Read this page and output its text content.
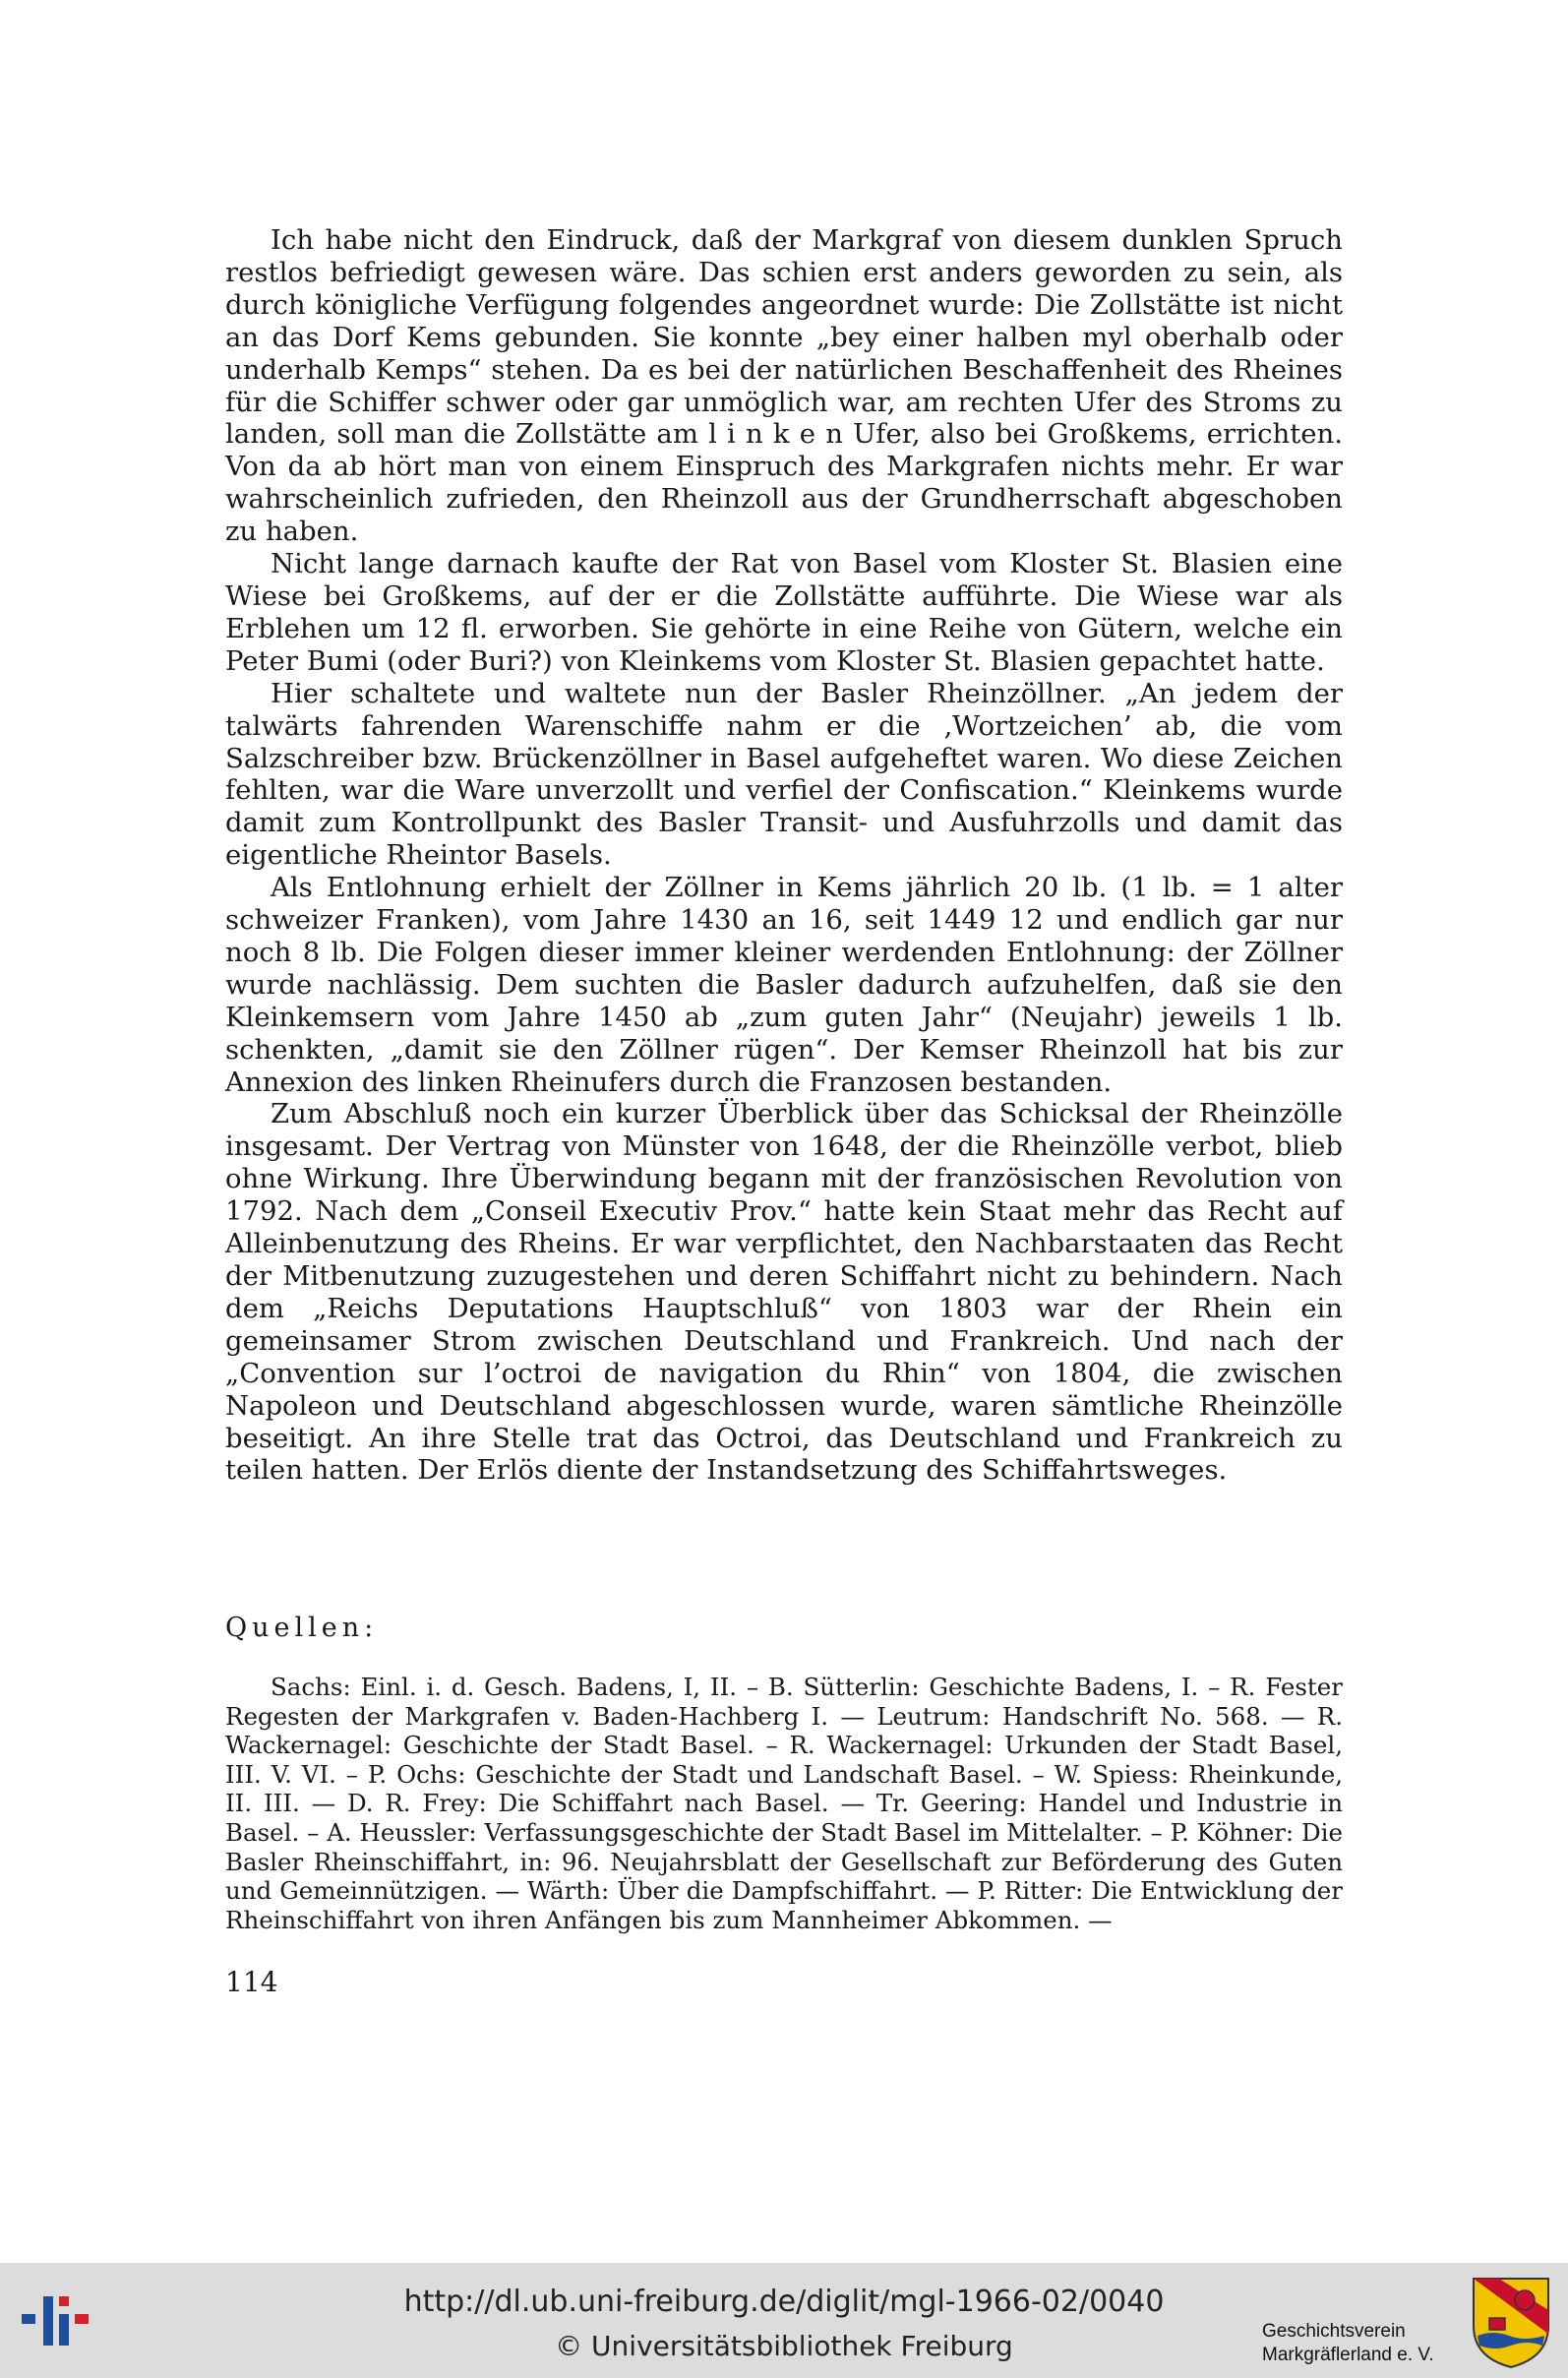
Ich habe nicht den Eindruck, daß der Markgraf von diesem dunklen Spruch restlos befriedigt gewesen wäre. Das schien erst anders geworden zu sein, als durch königliche Verfügung folgendes angeordnet wurde: Die Zollstätte ist nicht an das Dorf Kems gebunden. Sie konnte „bey einer halben myl oberhalb oder underhalb Kemps“ stehen. Da es bei der natürlichen Beschaffenheit des Rheines für die Schiffer schwer oder gar unmöglich war, am rechten Ufer des Stroms zu landen, soll man die Zollstätte am l i n k e n Ufer, also bei Großkems, errichten. Von da ab hört man von einem Einspruch des Markgrafen nichts mehr. Er war wahrscheinlich zufrieden, den Rheinzoll aus der Grundherrschaft abgeschoben zu haben.

Nicht lange darnach kaufte der Rat von Basel vom Kloster St. Blasien eine Wiese bei Großkems, auf der er die Zollstätte aufführte. Die Wiese war als Erblehen um 12 fl. erworben. Sie gehörte in eine Reihe von Gütern, welche ein Peter Bumi (oder Buri?) von Kleinkems vom Kloster St. Blasien gepachtet hatte.

Hier schaltete und waltete nun der Basler Rheinzöllner. „An jedem der talwärts fahrenden Warenschiffe nahm er die ‚Wortzeichen’ ab, die vom Salzschreiber bzw. Brückenzöllner in Basel aufgeheftet waren. Wo diese Zeichen fehlten, war die Ware unverzollt und verfiel der Confiscation.“ Kleinkems wurde damit zum Kontrollpunkt des Basler Transit- und Ausfuhrzolls und damit das eigentliche Rheintor Basels.

Als Entlohnung erhielt der Zöllner in Kems jährlich 20 lb. (1 lb. = 1 alter schweizer Franken), vom Jahre 1430 an 16, seit 1449 12 und endlich gar nur noch 8 lb. Die Folgen dieser immer kleiner werdenden Entlohnung: der Zöllner wurde nachlässig. Dem suchten die Basler dadurch aufzuhelfen, daß sie den Kleinkemsern vom Jahre 1450 ab „zum guten Jahr“ (Neujahr) jeweils 1 lb. schenkten, „damit sie den Zöllner rügen“. Der Kemser Rheinzoll hat bis zur Annexion des linken Rheinufers durch die Franzosen bestanden.

Zum Abschluß noch ein kurzer Überblick über das Schicksal der Rheinzölle insgesamt. Der Vertrag von Münster von 1648, der die Rheinzölle verbot, blieb ohne Wirkung. Ihre Überwindung begann mit der französischen Revolution von 1792. Nach dem „Conseil Executiv Prov.“ hatte kein Staat mehr das Recht auf Alleinbenutzung des Rheins. Er war verpflichtet, den Nachbarstaaten das Recht der Mitbenutzung zuzugestehen und deren Schiffahrt nicht zu behindern. Nach dem „Reichs Deputations Hauptschluß“ von 1803 war der Rhein ein gemeinsamer Strom zwischen Deutschland und Frankreich. Und nach der „Convention sur l’octroi de navigation du Rhin“ von 1804, die zwischen Napoleon und Deutschland abgeschlossen wurde, waren sämtliche Rheinzölle beseitigt. An ihre Stelle trat das Octroi, das Deutschland und Frankreich zu teilen hatten. Der Erlös diente der Instandsetzung des Schiffahrtsweges.

Quellen:

Sachs: Einl. i. d. Gesch. Badens, I, II. – B. Sütterlin: Geschichte Badens, I. – R. Fester Regesten der Markgrafen v. Baden-Hachberg I. — Leutrum: Handschrift No. 568. — R. Wackernagel: Geschichte der Stadt Basel. – R. Wackernagel: Urkunden der Stadt Basel, III. V. VI. – P. Ochs: Geschichte der Stadt und Landschaft Basel. – W. Spiess: Rheinkunde, II. III. — D. R. Frey: Die Schiffahrt nach Basel. — Tr. Geering: Handel und Industrie in Basel. – A. Heussler: Verfassungsgeschichte der Stadt Basel im Mittelalter. – P. Köhner: Die Basler Rheinschiffahrt, in: 96. Neujahrsblatt der Gesellschaft zur Beförderung des Guten und Gemeinnützigen. — Wärth: Über die Dampfschiffahrt. — P. Ritter: Die Entwicklung der Rheinschiffahrt von ihren Anfängen bis zum Mannheimer Abkommen. —

114
http://dl.ub.uni-freiburg.de/diglit/mgl-1966-02/0040
© Universitätsbibliothek Freiburg	Geschichtsverein
Markgräflerland e. V.
